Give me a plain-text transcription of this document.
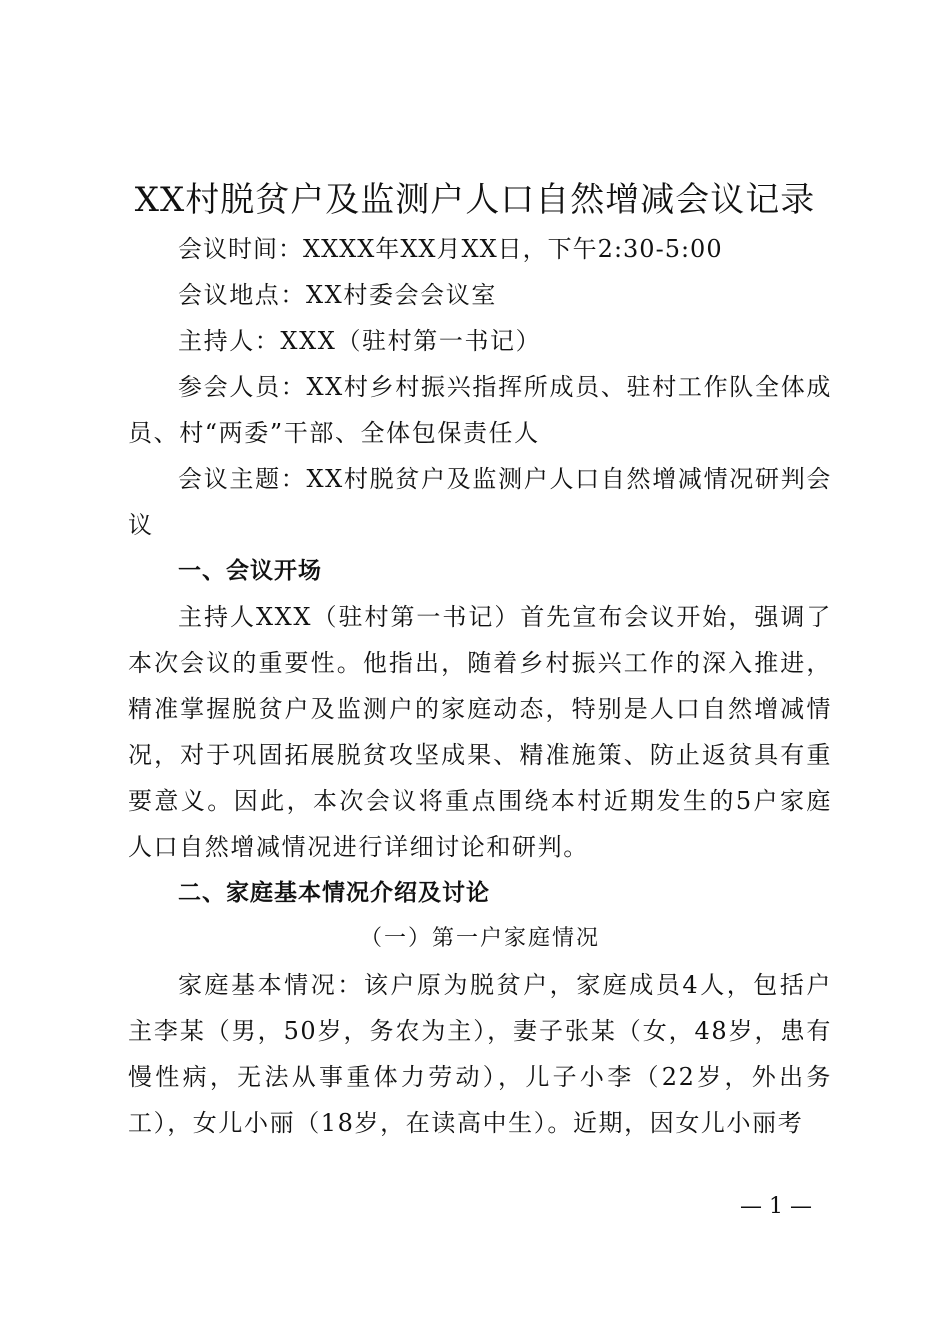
XX村脱贫户及监测户人口自然增减会议记录

会议时间：XXXX年XX月XX日，下午2:30-5:00

会议地点：XX村委会会议室

主持人：XXX（驻村第一书记）

参会人员：XX村乡村振兴指挥所成员、驻村工作队全体成员、村“两委”干部、全体包保责任人

会议主题：XX村脱贫户及监测户人口自然增减情况研判会议

一、会议开场

主持人XXX（驻村第一书记）首先宣布会议开始，强调了本次会议的重要性。他指出，随着乡村振兴工作的深入推进，精准掌握脱贫户及监测户的家庭动态，特别是人口自然增减情况，对于巩固拓展脱贫攻坚成果、精准施策、防止返贫具有重要意义。因此，本次会议将重点围绕本村近期发生的5户家庭人口自然增减情况进行详细讨论和研判。

二、家庭基本情况介绍及讨论

（一）第一户家庭情况

家庭基本情况：该户原为脱贫户，家庭成员4人，包括户主李某（男，50岁，务农为主），妻子张某（女，48岁，患有慢性病，无法从事重体力劳动），儿子小李（22岁，外出务工），女儿小丽（18岁，在读高中生）。近期，因女儿小丽考

— 1 —
